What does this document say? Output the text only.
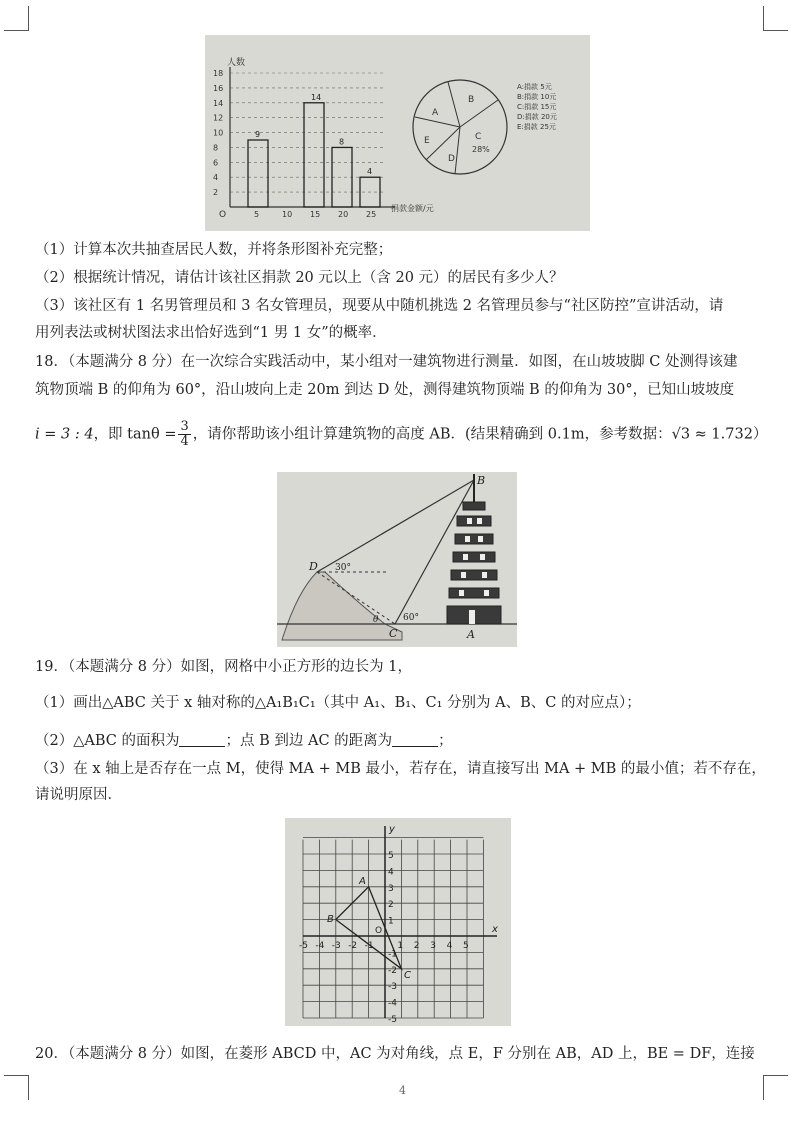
人数
捐款金额/元
O
18
16
14
12
10
8
6
4
2
5	10 15 20 25
9
14
8
4
B
A
E
D
C
28%
A:捐款 5元
B:捐款 10元
C:捐款 15元
D:捐款 20元
E:捐款 25元
（1）计算本次共抽查居民人数，并将条形图补充完整；
（2）根据统计情况，请估计该社区捐款 20 元以上（含 20 元）的居民有多少人？
（3）该社区有 1 名男管理员和 3 名女管理员，现要从中随机挑选 2 名管理员参与“社区防控”宣讲活动，请
用列表法或树状图法求出恰好选到“1 男 1 女”的概率．
18．（本题满分 8 分）在一次综合实践活动中，某小组对一建筑物进行测量．如图，在山坡坡脚 C 处测得该建
筑物顶端 B 的仰角为 60°，沿山坡向上走 20m 到达 D 处，测得建筑物顶端 B 的仰角为 30°，已知山坡坡度
i = 3 : 4，即 $\tan\theta = \frac{3}{4}$ ，请你帮助该小组计算建筑物的高度 AB．(结果精确到 0.1m，参考数据：√3 ≈ 1.732）
B
D 30°
C
60°
θ
A
19．（本题满分 8 分）如图，网格中小正方形的边长为 1，
（1）画出△ABC 关于 x 轴对称的△A₁B₁C₁（其中 A₁、B₁、C₁ 分别为 A、B、C 的对应点）；
（2）△ABC 的面积为	；点 B 到边 AC 的距离为	；
（3）在 x 轴上是否存在一点 M，使得 MA + MB 最小，若存在，请直接写出 MA + MB 的最小值；若不存在，
请说明原因．
x
y
O
-5 -4 -3 -2 -1	1 2 3 4 5
5
4
3
2
1
-1
-2
-3
-4
-5
A
B
C
20．（本题满分 8 分）如图，在菱形 ABCD 中，AC 为对角线，点 E，F 分别在 AB，AD 上，BE = DF，连接
4
